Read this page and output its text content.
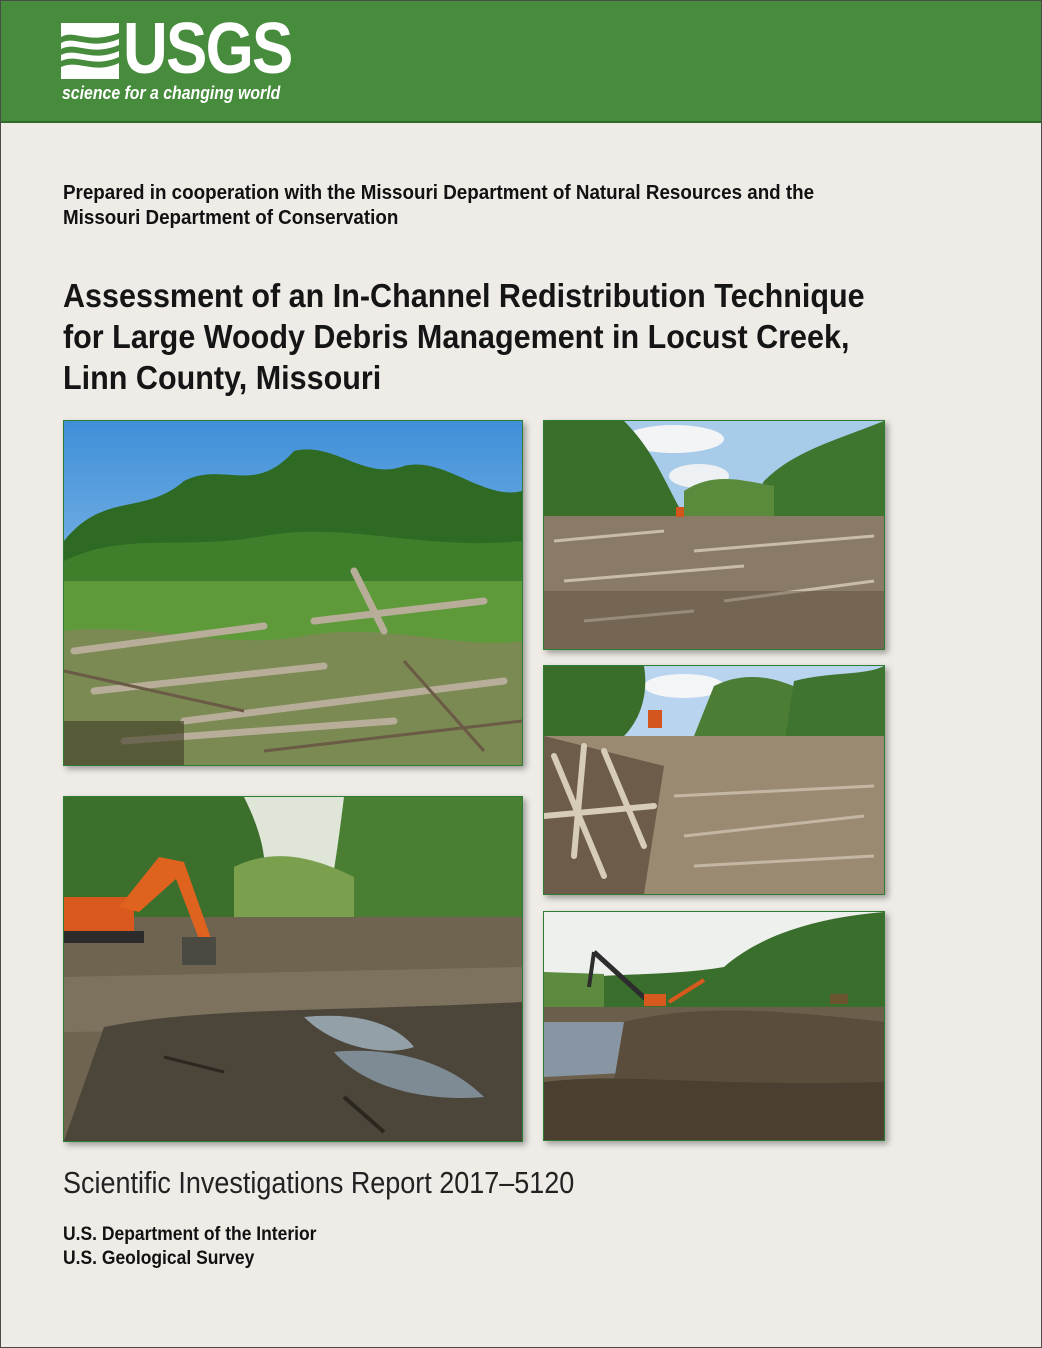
USGS
science for a changing world
Prepared in cooperation with the Missouri Department of Natural Resources and the
Missouri Department of Conservation
Assessment of an In-Channel Redistribution Technique
for Large Woody Debris Management in Locust Creek,
Linn County, Missouri
Scientific Investigations Report 2017–5120
U.S. Department of the Interior
U.S. Geological Survey
